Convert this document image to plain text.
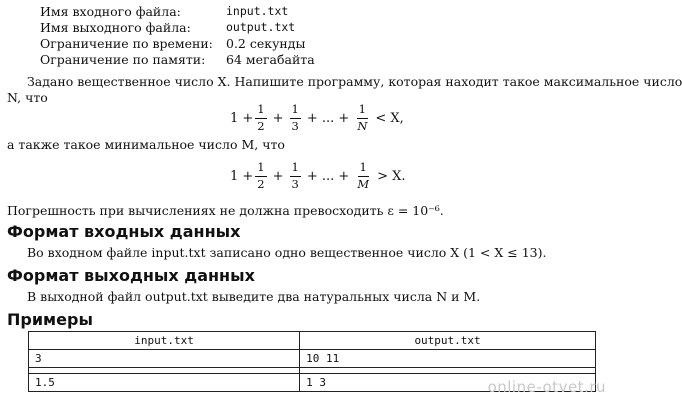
Имя входного файла:	input.txt
Имя выходного файла:	output.txt
Ограничение по времени: 0.2 секунды
Ограничение по памяти: 64 мегабайта
Задано вещественное число X. Напишите программу, которая находит такое максимальное число
N, что
$1 + \frac{1}{2} + \frac{1}{3}$ + ... + $\frac{1}{N} < X$,
а также такое минимальное число M, что
$1 + \frac{1}{2} + \frac{1}{3}$ + ... + $\frac{1}{M} > X$.
Погрешность при вычислениях не должна превосходить ε = 10⁻⁶.
Формат входных данных
Во входном файле input.txt записано одно вещественное число X (1 < X ≤ 13).
Формат выходных данных
В выходной файл output.txt выведите два натуральных числа N и M.
Примеры
input.txt	output.txt
3	10 11

1.5	1 3	online-otvet.ru
